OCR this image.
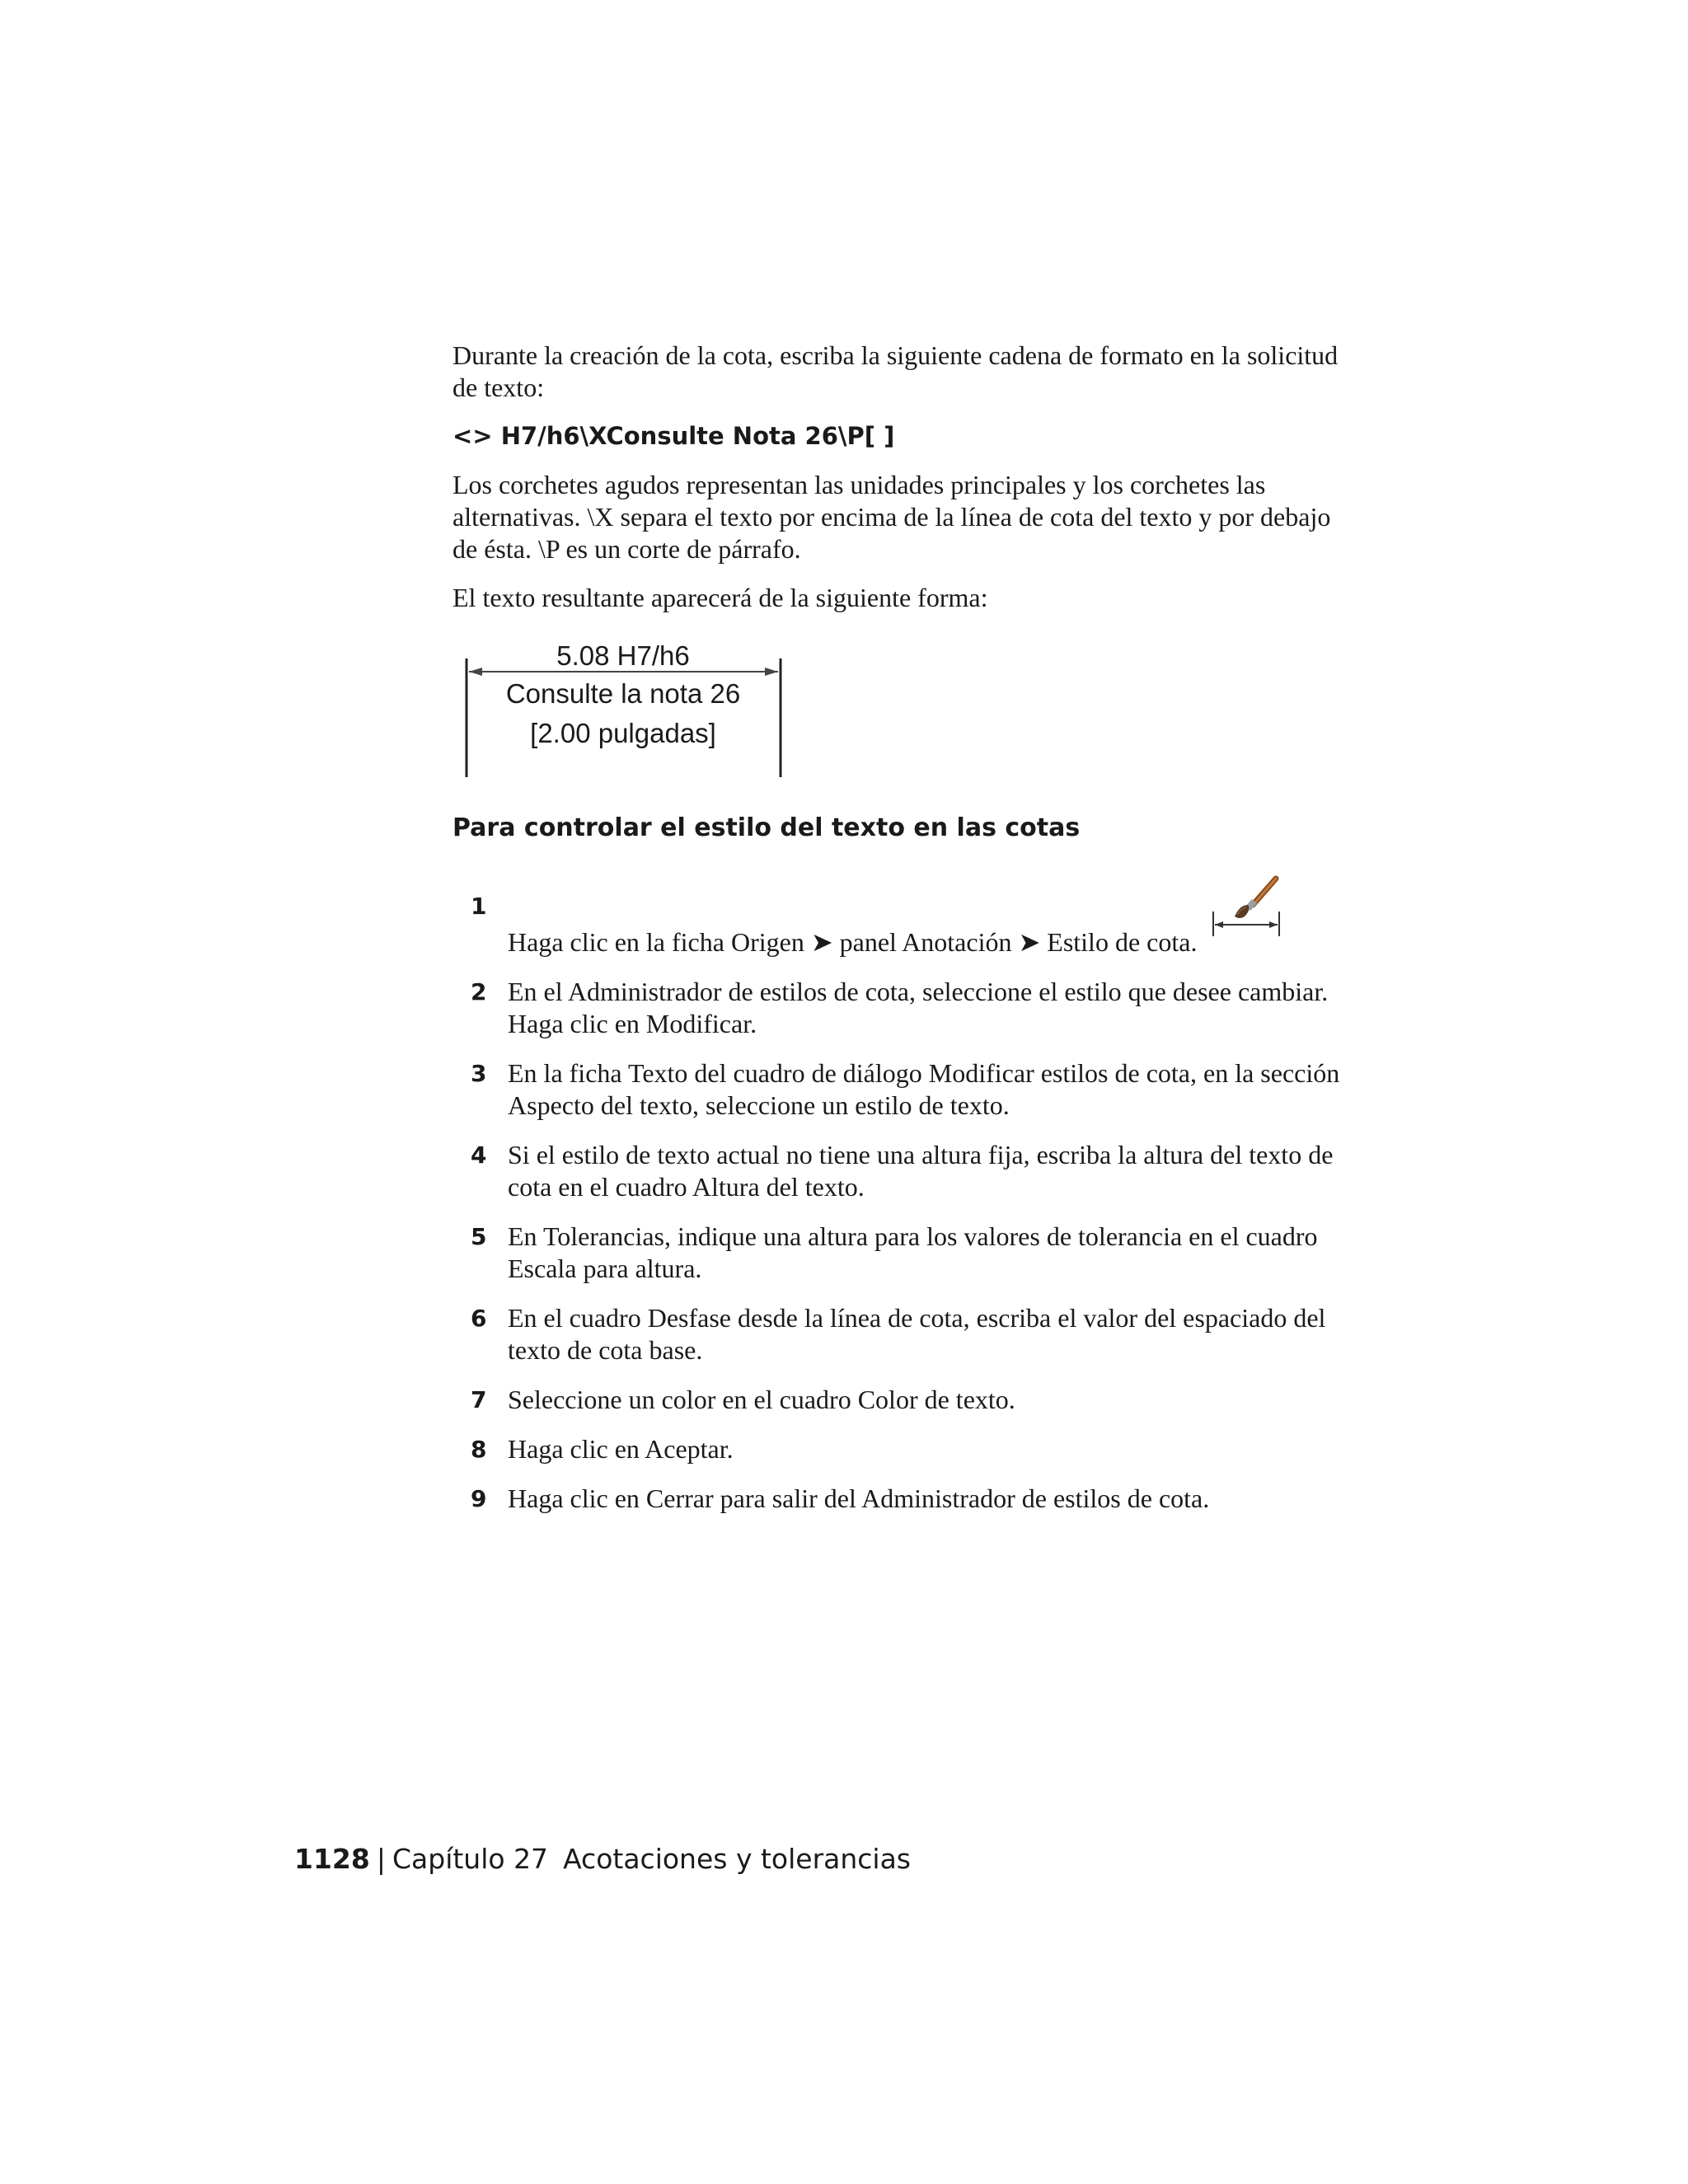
Durante la creación de la cota, escriba la siguiente cadena de formato en la solicitud de texto:

<> H7/h6\XConsulte Nota 26\P[ ]

Los corchetes agudos representan las unidades principales y los corchetes las alternativas. \X separa el texto por encima de la línea de cota del texto y por debajo de ésta. \P es un corte de párrafo.

El texto resultante aparecerá de la siguiente forma:

5.08 H7/h6
Consulte la nota 26
[2.00 pulgadas]
Para controlar el estilo del texto en las cotas
1
Haga clic en la ficha Origen ➤ panel Anotación ➤ Estilo de cota.
2 En el Administrador de estilos de cota, seleccione el estilo que desee cambiar. Haga clic en Modificar.
3 En la ficha Texto del cuadro de diálogo Modificar estilos de cota, en la sección Aspecto del texto, seleccione un estilo de texto.
4 Si el estilo de texto actual no tiene una altura fija, escriba la altura del texto de cota en el cuadro Altura del texto.
5 En Tolerancias, indique una altura para los valores de tolerancia en el cuadro Escala para altura.
6 En el cuadro Desfase desde la línea de cota, escriba el valor del espaciado del texto de cota base.
7 Seleccione un color en el cuadro Color de texto.
8 Haga clic en Aceptar.
9 Haga clic en Cerrar para salir del Administrador de estilos de cota.
1128 | Capítulo 27 Acotaciones y tolerancias
